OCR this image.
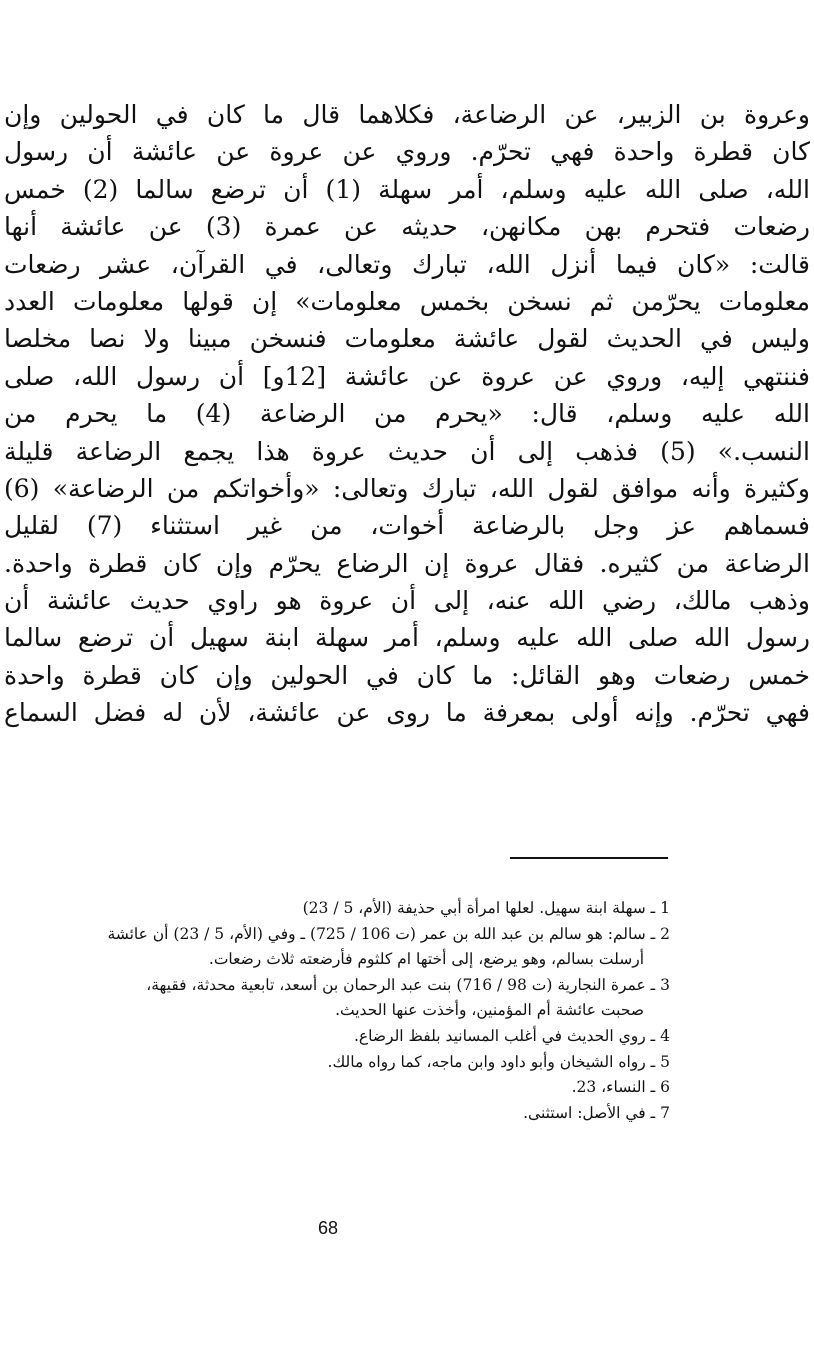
وعروة بن الزبير، عن الرضاعة، فكلاهما قال ما كان في الحولين وإن
كان قطرة واحدة فهي تحرّم. وروي عن عروة عن عائشة أن رسول
الله، صلى الله عليه وسلم، أمر سهلة (1) أن ترضع سالما (2) خمس
رضعات فتحرم بهن مكانهن، حديثه عن عمرة (3) عن عائشة أنها
قالت: «كان فيما أنزل الله، تبارك وتعالى، في القرآن، عشر رضعات
معلومات يحرّمن ثم نسخن بخمس معلومات» إن قولها معلومات العدد
وليس في الحديث لقول عائشة معلومات فنسخن مبينا ولا نصا مخلصا
فننتهي إليه، وروي عن عروة عن عائشة [12و] أن رسول الله، صلى
الله عليه وسلم، قال: «يحرم من الرضاعة (4) ما يحرم من
النسب.» (5) فذهب إلى أن حديث عروة هذا يجمع الرضاعة قليلة
وكثيرة وأنه موافق لقول الله، تبارك وتعالى: «وأخواتكم من الرضاعة» (6)
فسماهم عز وجل بالرضاعة أخوات، من غير استثناء (7) لقليل
الرضاعة من كثيره. فقال عروة إن الرضاع يحرّم وإن كان قطرة واحدة.
وذهب مالك، رضي الله عنه، إلى أن عروة هو راوي حديث عائشة أن
رسول الله صلى الله عليه وسلم، أمر سهلة ابنة سهيل أن ترضع سالما
خمس رضعات وهو القائل: ما كان في الحولين وإن كان قطرة واحدة
فهي تحرّم. وإنه أولى بمعرفة ما روى عن عائشة، لأن له فضل السماع
1 ـ سهلة ابنة سهيل. لعلها امرأة أبي حذيفة (الأم، 5 / 23)
2 ـ سالم: هو سالم بن عبد الله بن عمر (ت 106 / 725) ـ وفي (الأم، 5 / 23) أن عائشة
أرسلت بسالم، وهو يرضع، إلى أختها ام كلثوم فأرضعته ثلاث رضعات.
3 ـ عمرة النجارية (ت 98 / 716) بنت عبد الرحمان بن أسعد، تابعية محدثة، فقيهة،
صحبت عائشة أم المؤمنين، وأخذت عنها الحديث.
4 ـ روي الحديث في أغلب المسانيد بلفظ الرضاع.
5 ـ رواه الشيخان وأبو داود وابن ماجه، كما رواه مالك.
6 ـ النساء، 23.
7 ـ في الأصل: استثنى.
68
